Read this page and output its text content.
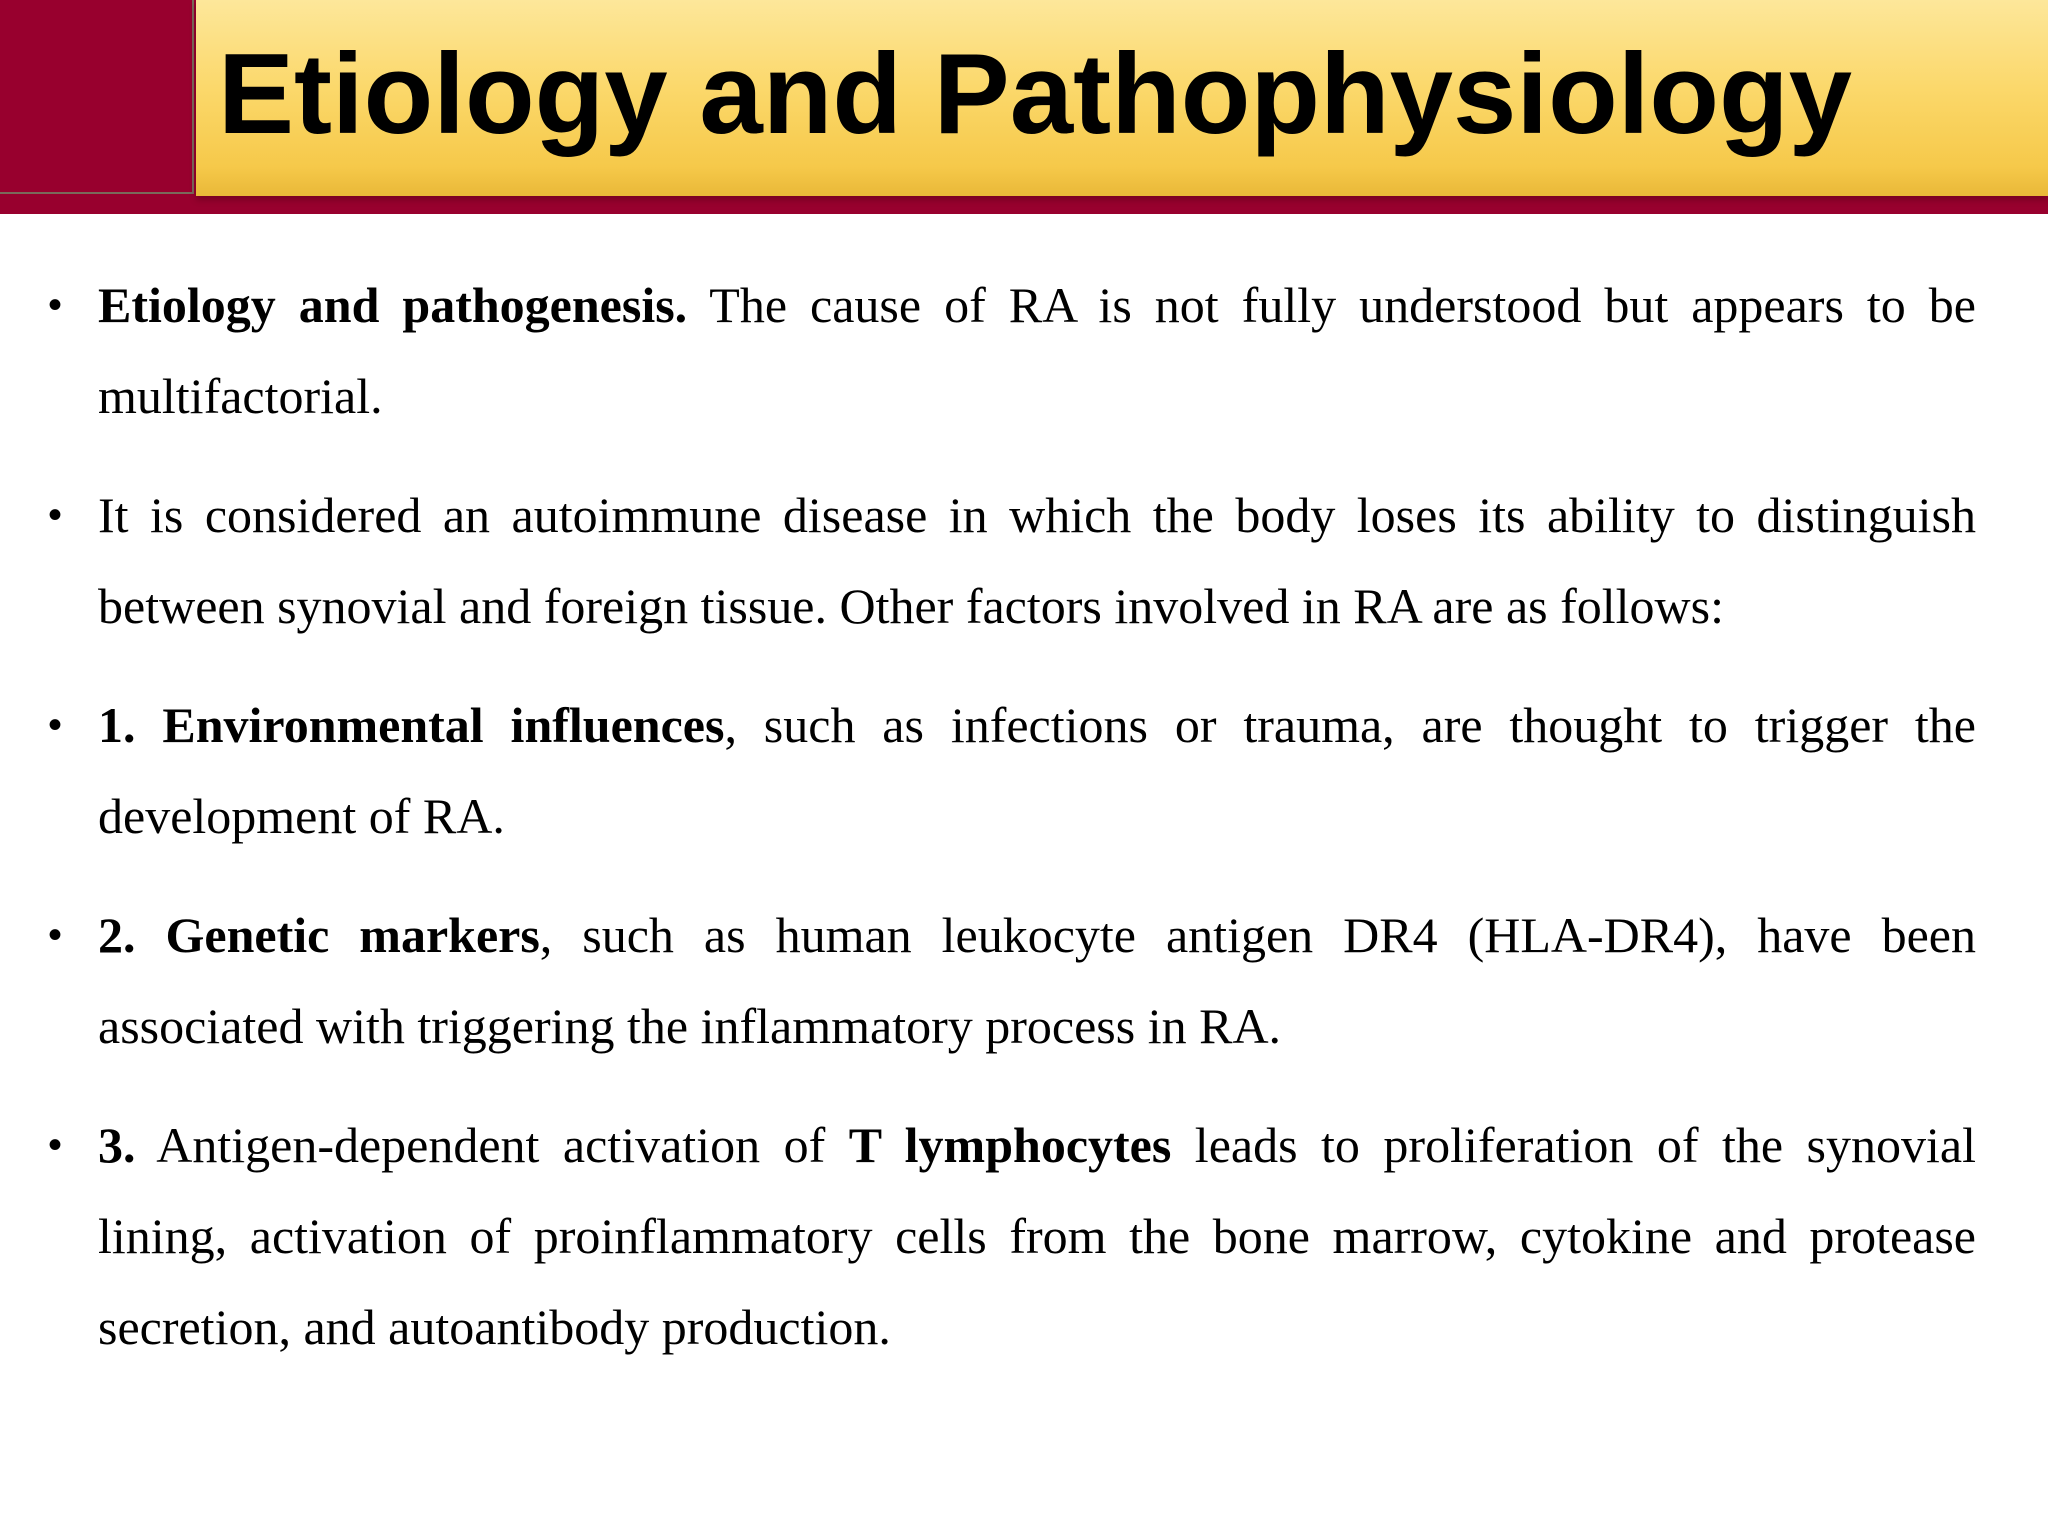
Etiology and Pathophysiology
• Etiology and pathogenesis. The cause of RA is not fully understood but appears to be multifactorial.
• It is considered an autoimmune disease in which the body loses its ability to distinguish between synovial and foreign tissue. Other factors involved in RA are as follows:
• 1. Environmental influences, such as infections or trauma, are thought to trigger the development of RA.
• 2. Genetic markers, such as human leukocyte antigen DR4 (HLA-DR4), have been associated with triggering the inflammatory process in RA.
• 3. Antigen-dependent activation of T lymphocytes leads to proliferation of the synovial lining, activation of proinflammatory cells from the bone marrow, cytokine and protease secretion, and autoantibody production.
